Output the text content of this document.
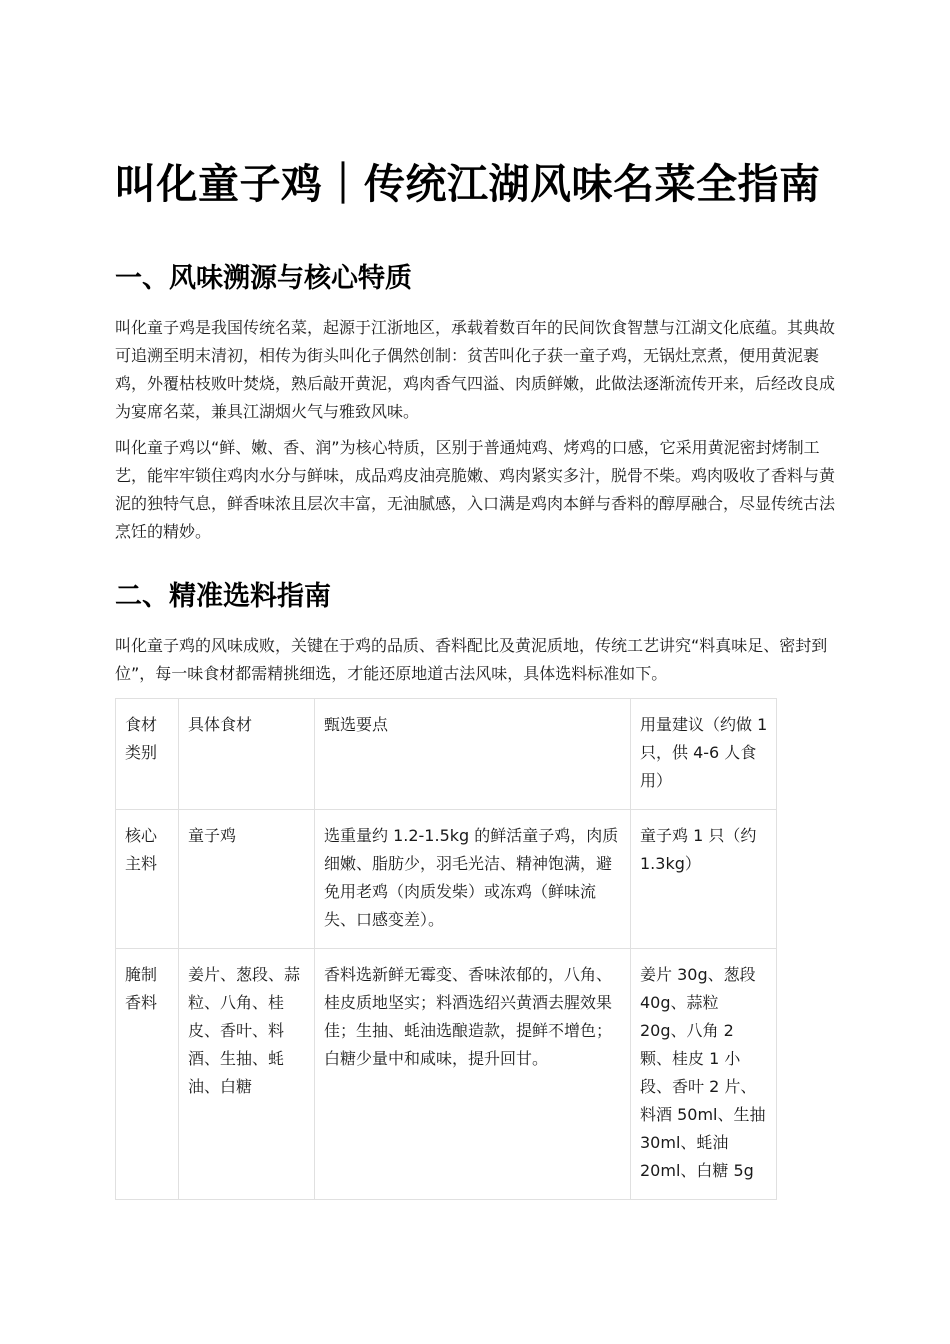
叫化童子鸡｜传统江湖风味名菜全指南
一、风味溯源与核心特质

叫化童子鸡是我国传统名菜，起源于江浙地区，承载着数百年的民间饮食智慧与江湖文化底蕴。其典故可追溯至明末清初，相传为街头叫化子偶然创制：贫苦叫化子获一童子鸡，无锅灶烹煮，便用黄泥裹鸡，外覆枯枝败叶焚烧，熟后敲开黄泥，鸡肉香气四溢、肉质鲜嫩，此做法逐渐流传开来，后经改良成为宴席名菜，兼具江湖烟火气与雅致风味。

叫化童子鸡以“鲜、嫩、香、润”为核心特质，区别于普通炖鸡、烤鸡的口感，它采用黄泥密封烤制工艺，能牢牢锁住鸡肉水分与鲜味，成品鸡皮油亮脆嫩、鸡肉紧实多汁，脱骨不柴。鸡肉吸收了香料与黄泥的独特气息，鲜香味浓且层次丰富，无油腻感，入口满是鸡肉本鲜与香料的醇厚融合，尽显传统古法烹饪的精妙。

二、精准选料指南

叫化童子鸡的风味成败，关键在于鸡的品质、香料配比及黄泥质地，传统工艺讲究“料真味足、密封到位”，每一味食材都需精挑细选，才能还原地道古法风味，具体选料标准如下。

食材类别	具体食材	甄选要点	用量建议（约做 1 只，供 4-6 人食用）
核心主料	童子鸡	选重量约 1.2-1.5kg 的鲜活童子鸡，肉质细嫩、脂肪少，羽毛光洁、精神饱满，避免用老鸡（肉质发柴）或冻鸡（鲜味流失、口感变差）。	童子鸡 1 只（约 1.3kg）
腌制香料	姜片、葱段、蒜粒、八角、桂皮、香叶、料酒、生抽、蚝油、白糖	香料选新鲜无霉变、香味浓郁的，八角、桂皮质地坚实；料酒选绍兴黄酒去腥效果佳；生抽、蚝油选酿造款，提鲜不增色；白糖少量中和咸味，提升回甘。	姜片 30g、葱段 40g、蒜粒 20g、八角 2 颗、桂皮 1 小段、香叶 2 片、料酒 50ml、生抽 30ml、蚝油 20ml、白糖 5g
